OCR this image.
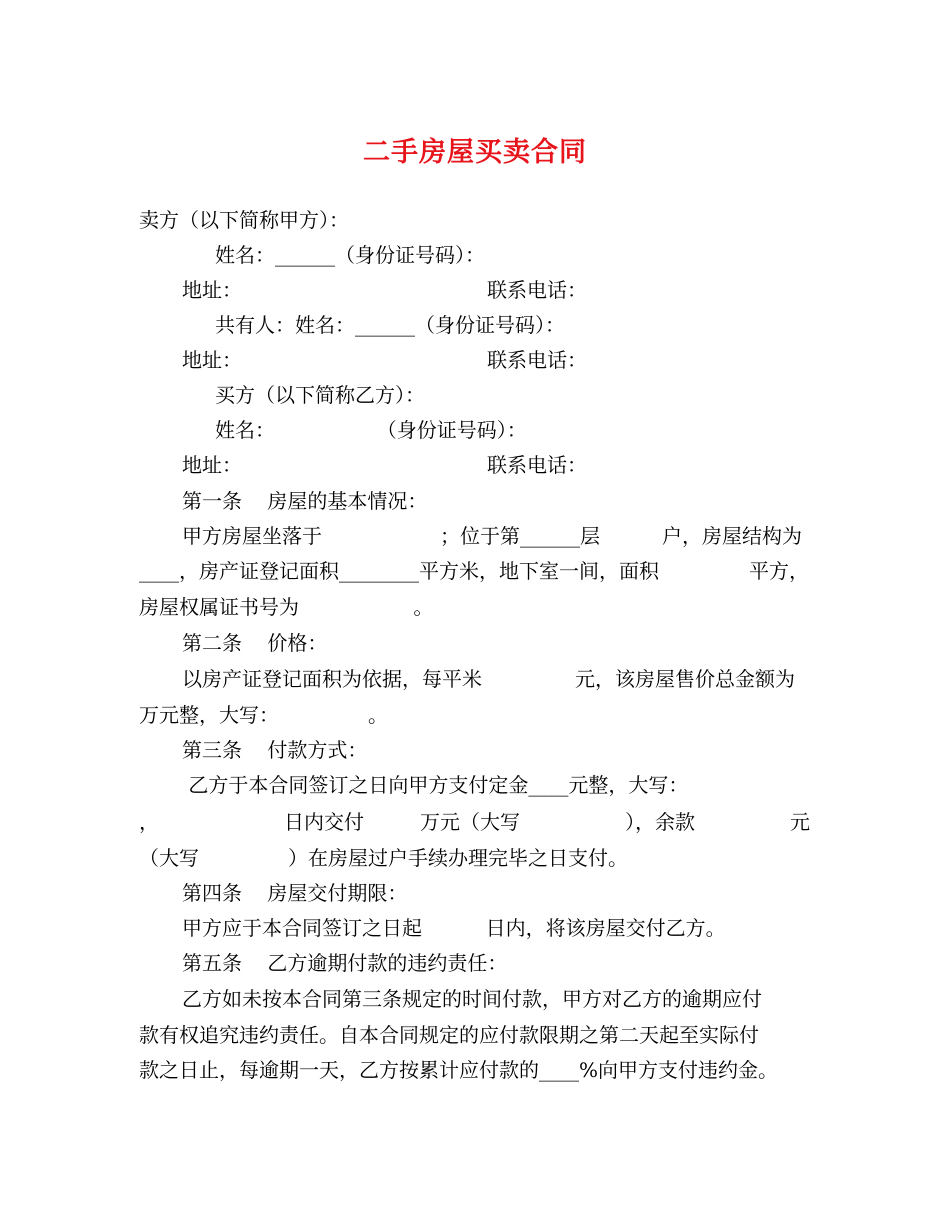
二手房屋买卖合同
卖方（以下简称甲方）：
姓名：______（身份证号码）：
地址：	联系电话：
共有人：姓名：______（身份证号码）：
地址：	联系电话：
买方（以下简称乙方）：
姓名：                （身份证号码）：
地址：	联系电话：
第一条    房屋的基本情况：
甲方房屋坐落于	；位于第______层	户，房屋结构为
____，房产证登记面积________平方米，地下室一间，面积	平方，
房屋权属证书号为                  。
第二条    价格：
以房产证登记面积为依据，每平米	元，该房屋售价总金额为
万元整，大写：              。
第三条    付款方式：
乙方于本合同签订之日向甲方支付定金____元整，大写：
，	日内交付	万元（大写	），余款	元
（大写              ）在房屋过户手续办理完毕之日支付。
第四条    房屋交付期限：
甲方应于本合同签订之日起          日内，将该房屋交付乙方。
第五条    乙方逾期付款的违约责任：
乙方如未按本合同第三条规定的时间付款，甲方对乙方的逾期应付
款有权追究违约责任。自本合同规定的应付款限期之第二天起至实际付
款之日止，每逾期一天，乙方按累计应付款的____%向甲方支付违约金。
